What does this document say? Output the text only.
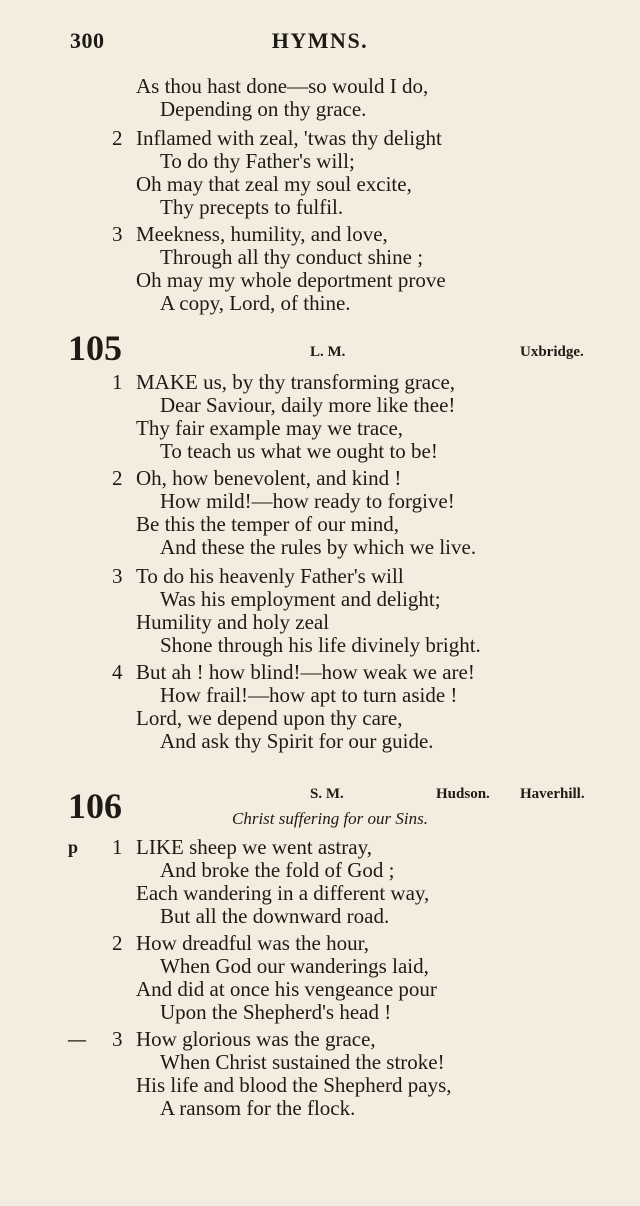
300	HYMNS.
As thou hast done—so would I do,
Depending on thy grace.
2 Inflamed with zeal, 'twas thy delight
To do thy Father's will;
Oh may that zeal my soul excite,
Thy precepts to fulfil.
3 Meekness, humility, and love,
Through all thy conduct shine ;
Oh may my whole deportment prove
A copy, Lord, of thine.
105	L. M.	Uxbridge.
1 MAKE us, by thy transforming grace,
Dear Saviour, daily more like thee!
Thy fair example may we trace,
To teach us what we ought to be!
2 Oh, how benevolent, and kind !
How mild!—how ready to forgive!
Be this the temper of our mind,
And these the rules by which we live.
3 To do his heavenly Father's will
Was his employment and delight;
Humility and holy zeal
Shone through his life divinely bright.
4 But ah ! how blind!—how weak we are!
How frail!—how apt to turn aside !
Lord, we depend upon thy care,
And ask thy Spirit for our guide.
106	S. M.	Hudson. Haverhill.
Christ suffering for our Sins.
p 1 LIKE sheep we went astray,
And broke the fold of God ;
Each wandering in a different way,
But all the downward road.
2 How dreadful was the hour,
When God our wanderings laid,
And did at once his vengeance pour
Upon the Shepherd's head !
— 3 How glorious was the grace,
When Christ sustained the stroke!
His life and blood the Shepherd pays,
A ransom for the flock.
